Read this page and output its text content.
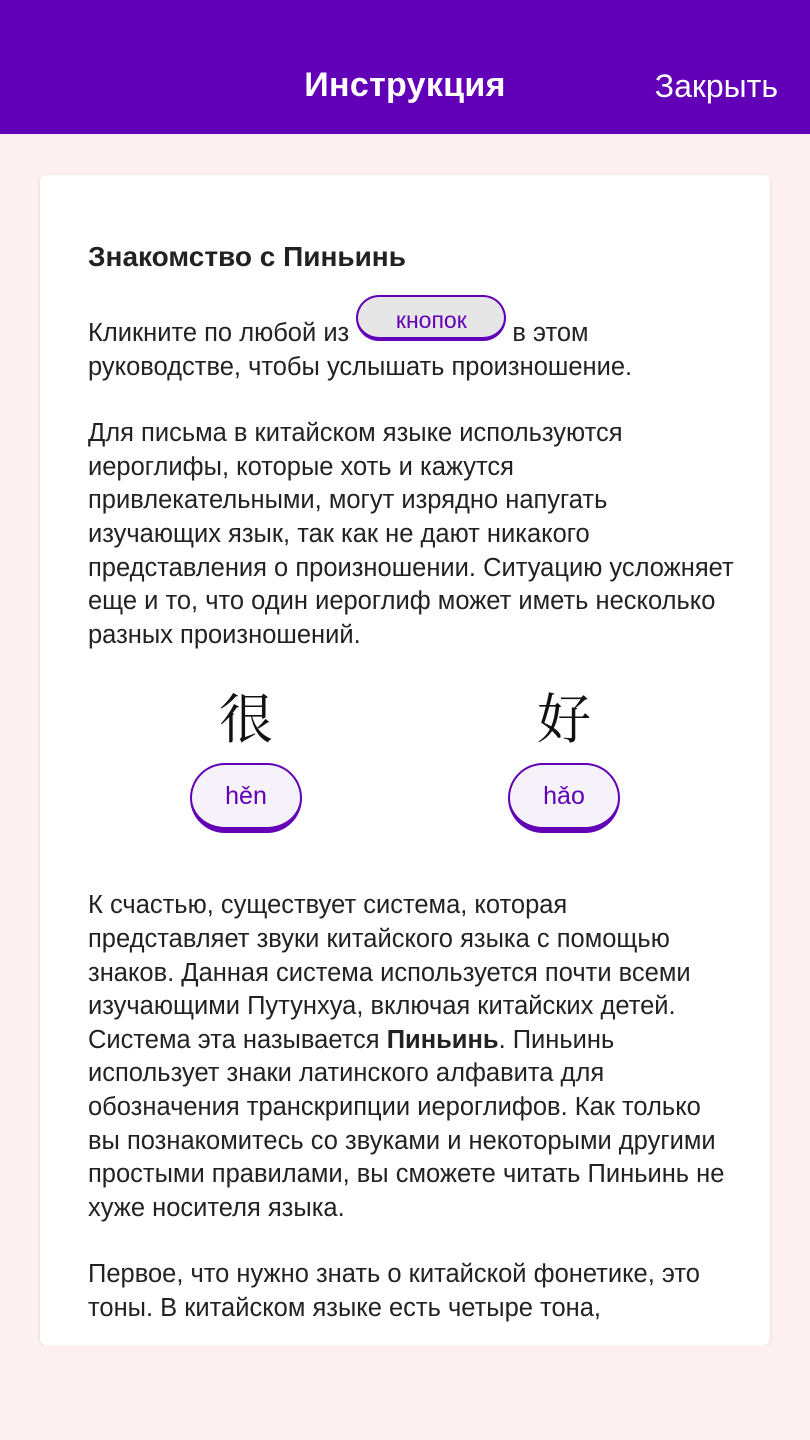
Инструкция	Закрыть
Знакомство с Пиньинь
Кликните по любой из кнопок в этом руководстве, чтобы услышать произношение.
Для письма в китайском языке используются иероглифы, которые хоть и кажутся привлекательными, могут изрядно напугать изучающих язык, так как не дают никакого представления о произношении. Ситуацию усложняет еще и то, что один иероглиф может иметь несколько разных произношений.
很
hěn
好
hǎo
К счастью, существует система, которая представляет звуки китайского языка с помощью знаков. Данная система используется почти всеми изучающими Путунхуа, включая китайских детей. Система эта называется Пиньинь. Пиньинь использует знаки латинского алфавита для обозначения транскрипции иероглифов. Как только вы познакомитесь со звуками и некоторыми другими простыми правилами, вы сможете читать Пиньинь не хуже носителя языка.
Первое, что нужно знать о китайской фонетике, это тоны. В китайском языке есть четыре тона,
